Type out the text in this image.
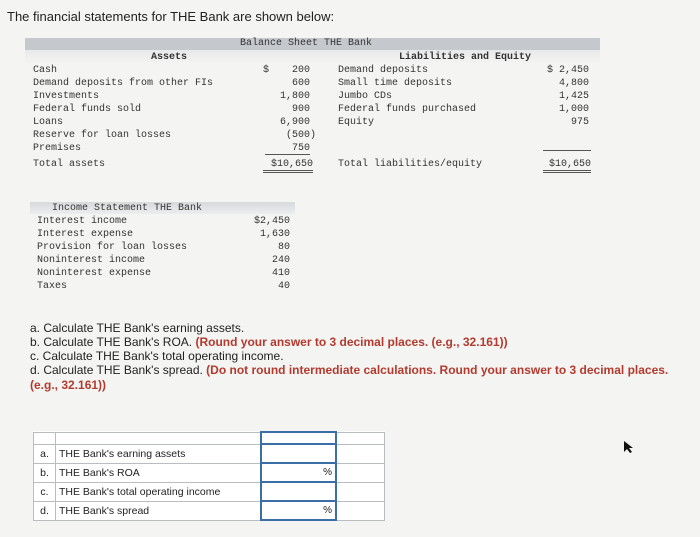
The financial statements for THE Bank are shown below:
Balance Sheet THE Bank
Assets	Liabilities and Equity
$
Cash	200
Demand deposits from other FIs	600
Investments	1,800
Federal funds sold	900
Loans	6,900
Reserve for loan losses	(500)
Premises	750
Total assets	$10,650
Demand deposits	$ 2,450
Small time deposits	4,800
Jumbo CDs	1,425
Federal funds purchased	1,000
Equity	975
Total liabilities/equity	$10,650
Income Statement THE Bank
Interest income	$2,450
Interest expense	1,630
Provision for loan losses	80
Noninterest income	240
Noninterest expense	410
Taxes	40
a. Calculate THE Bank's earning assets.
b. Calculate THE Bank's ROA. (Round your answer to 3 decimal places. (e.g., 32.161))
c. Calculate THE Bank's total operating income.
d. Calculate THE Bank's spread. (Do not round intermediate calculations. Round your answer to 3 decimal places.
(e.g., 32.161))

a.	THE Bank's earning assets		
b.	THE Bank's ROA	%	

c.	THE Bank's total operating income		
d.	THE Bank's spread	%	
